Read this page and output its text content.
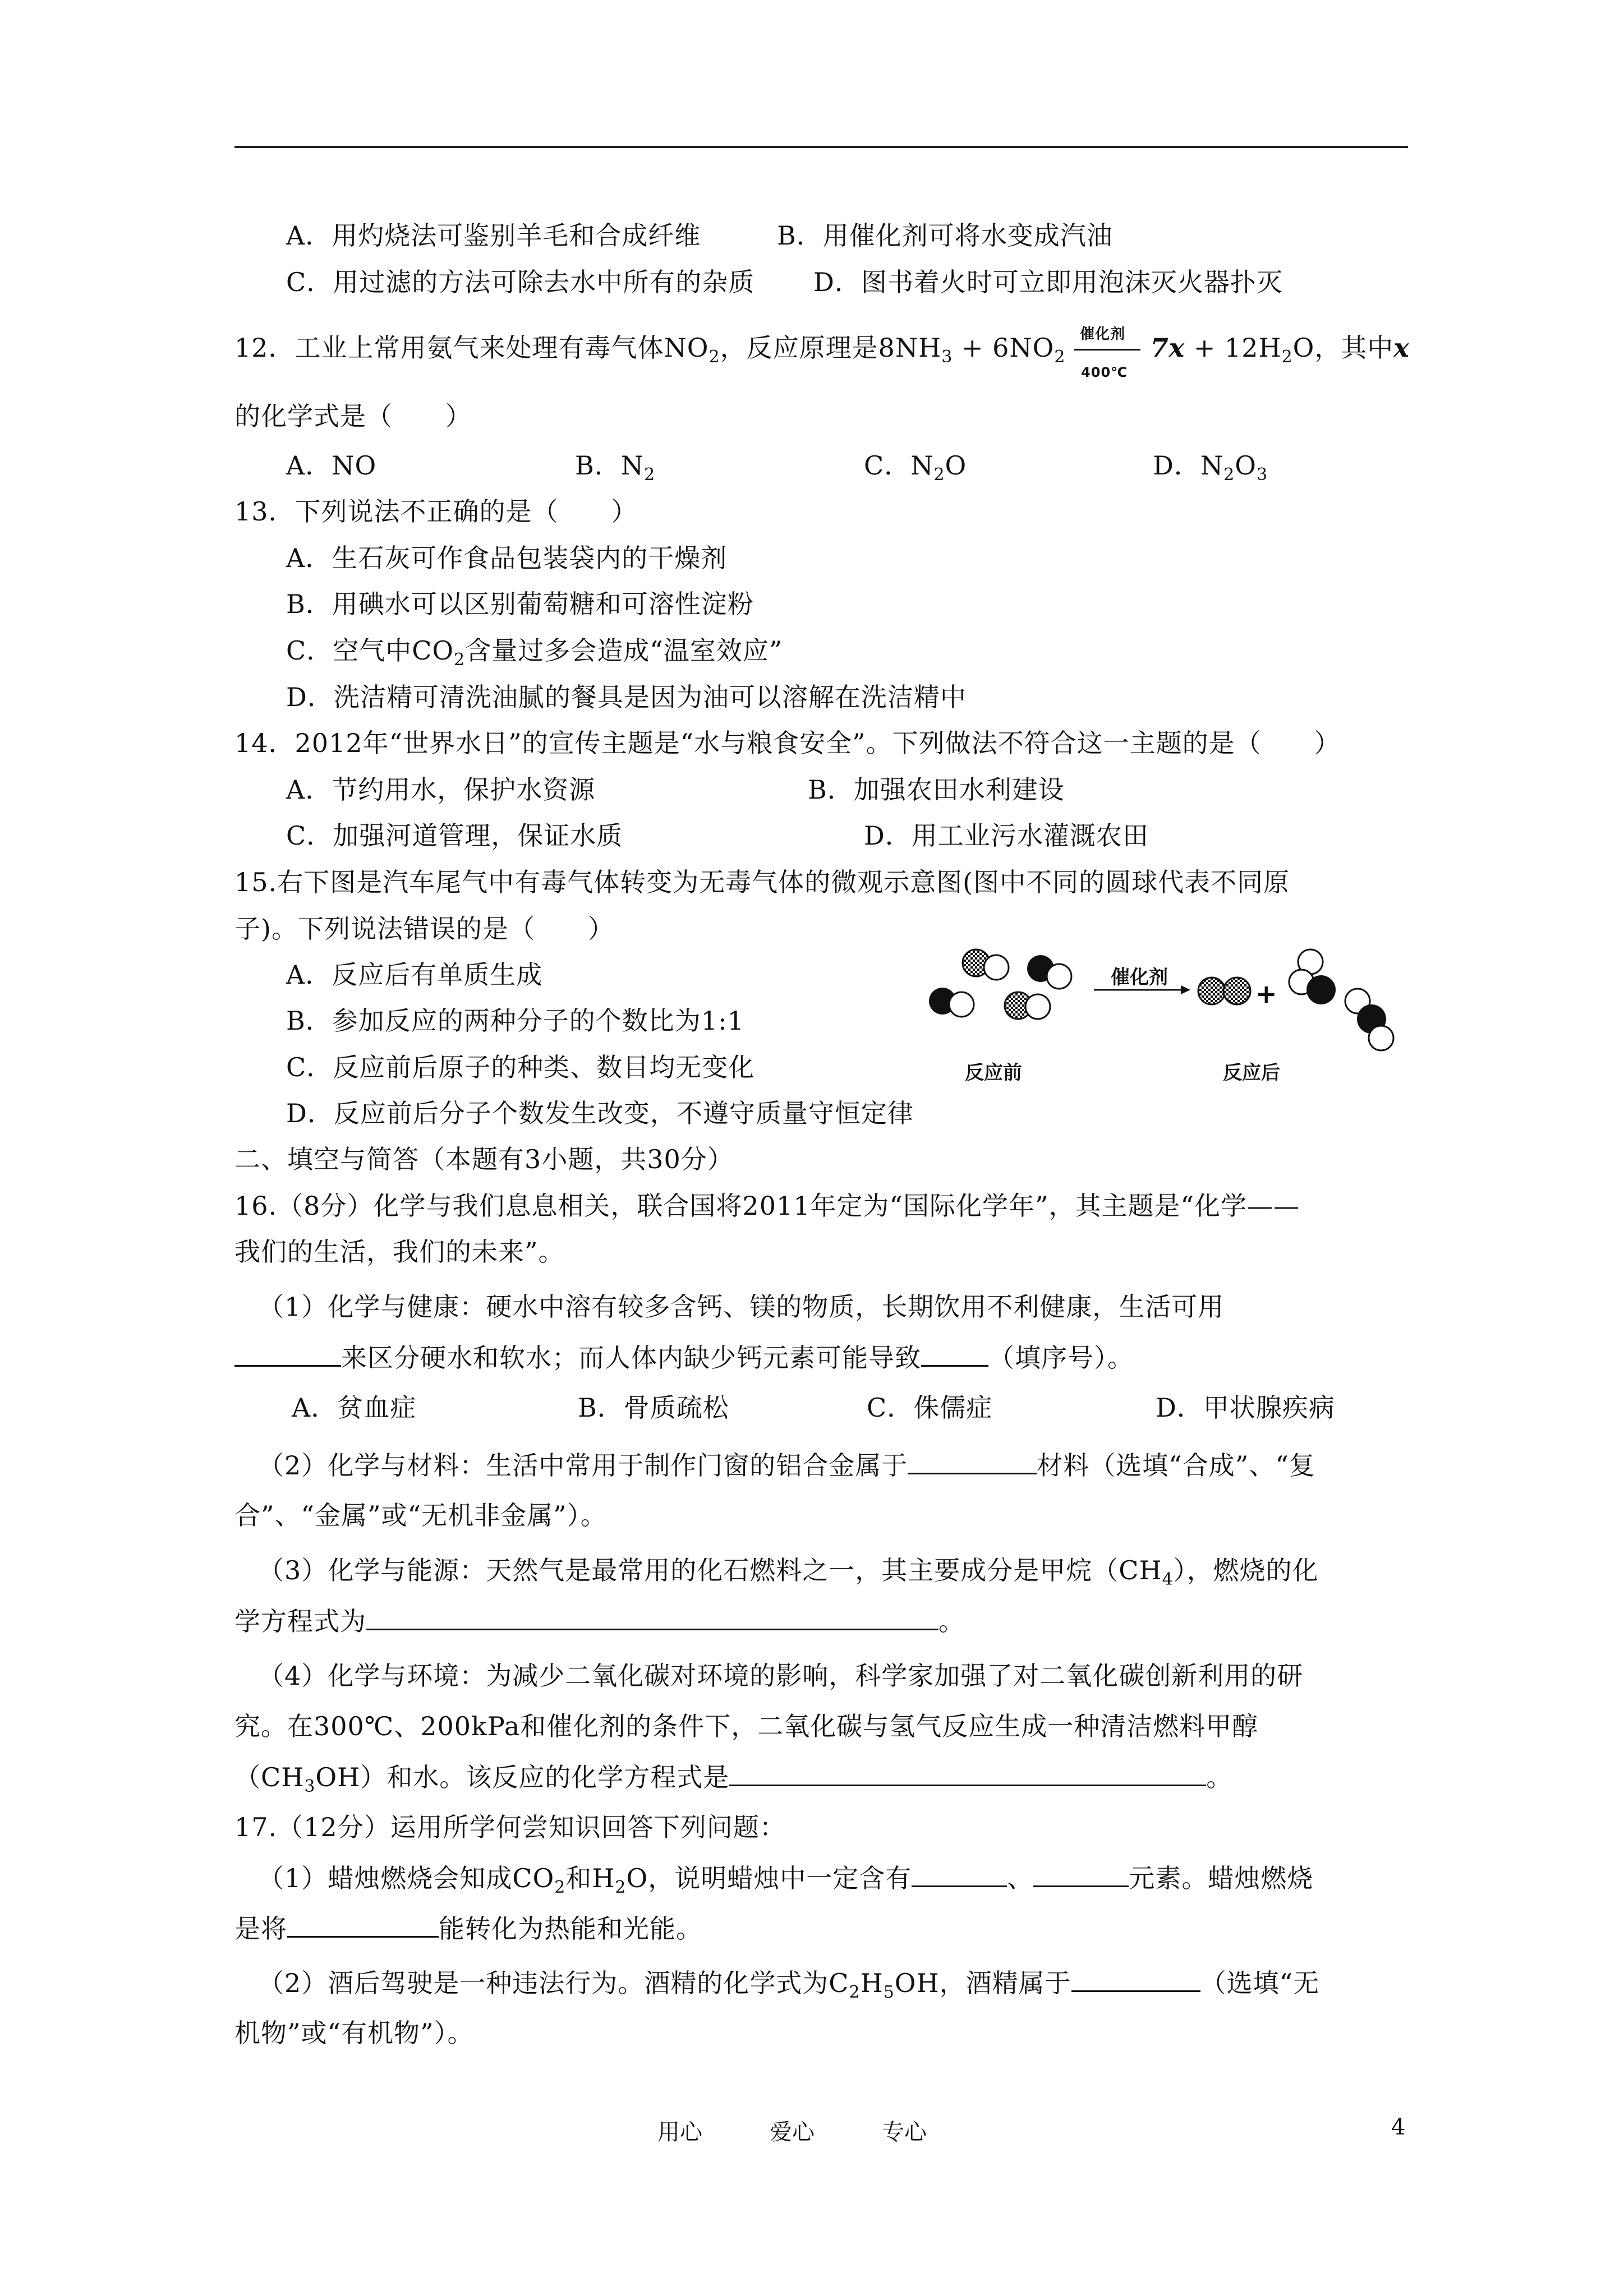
A．用灼烧法可鉴别羊毛和合成纤维	B．用催化剂可将水变成汽油
C．用过滤的方法可除去水中所有的杂质 D．图书着火时可立即用泡沫灭火器扑灭
12．工业上常用氨气来处理有毒气体$NO_2$，反应原理是$8NH_3 + 6NO_2$
催化剂
400℃
$7x + 12H_2O$，其中x
的化学式是（　　）
A．NO	B．$N_2$	C．$N_2O$	D．$N_2O_3$
13．下列说法不正确的是（　　）
A．生石灰可作食品包装袋内的干燥剂
B．用碘水可以区别葡萄糖和可溶性淀粉
C．空气中$CO_2$含量过多会造成“温室效应”
D．洗洁精可清洗油腻的餐具是因为油可以溶解在洗洁精中
14．2012年“世界水日”的宣传主题是“水与粮食安全”。下列做法不符合这一主题的是（　　）
A．节约用水，保护水资源	B．加强农田水利建设
C．加强河道管理，保证水质	D．用工业污水灌溉农田
15.右下图是汽车尾气中有毒气体转变为无毒气体的微观示意图(图中不同的圆球代表不同原
子)。下列说法错误的是（　　）
A．反应后有单质生成
B．参加反应的两种分子的个数比为1:1
C．反应前后原子的种类、数目均无变化
D．反应前后分子个数发生改变，不遵守质量守恒定律
催化剂
+
反应前	反应后
二、填空与简答（本题有3小题，共30分）
16.（8分）化学与我们息息相关，联合国将2011年定为“国际化学年”，其主题是“化学——
我们的生活，我们的未来”。
（1）化学与健康：硬水中溶有较多含钙、镁的物质，长期饮用不利健康，生活可用
来区分硬水和软水；而人体内缺少钙元素可能导致	（填序号）。
A．贫血症	B．骨质疏松	C．侏儒症	D．甲状腺疾病
（2）化学与材料：生活中常用于制作门窗的铝合金属于	材料（选填“合成”、“复
合”、“金属”或“无机非金属”）。
（3）化学与能源：天然气是最常用的化石燃料之一，其主要成分是甲烷$(CH_4)$，燃烧的化
学方程式为	。
（4）化学与环境：为减少二氧化碳对环境的影响，科学家加强了对二氧化碳创新利用的研
究。在300℃、200kPa和催化剂的条件下，二氧化碳与氢气反应生成一种清洁燃料甲醇
$(CH_3OH)$和水。该反应的化学方程式是	。
17.（12分）运用所学何尝知识回答下列问题：
（1）蜡烛燃烧会知成$CO_2$和$H_2O$，说明蜡烛中一定含有	、	元素。蜡烛燃烧
是将	能转化为热能和光能。
（2）酒后驾驶是一种违法行为。酒精的化学式为$C_2H_5OH$，酒精属于	（选填“无
机物”或“有机物”）。
用心	爱心	专心	4
